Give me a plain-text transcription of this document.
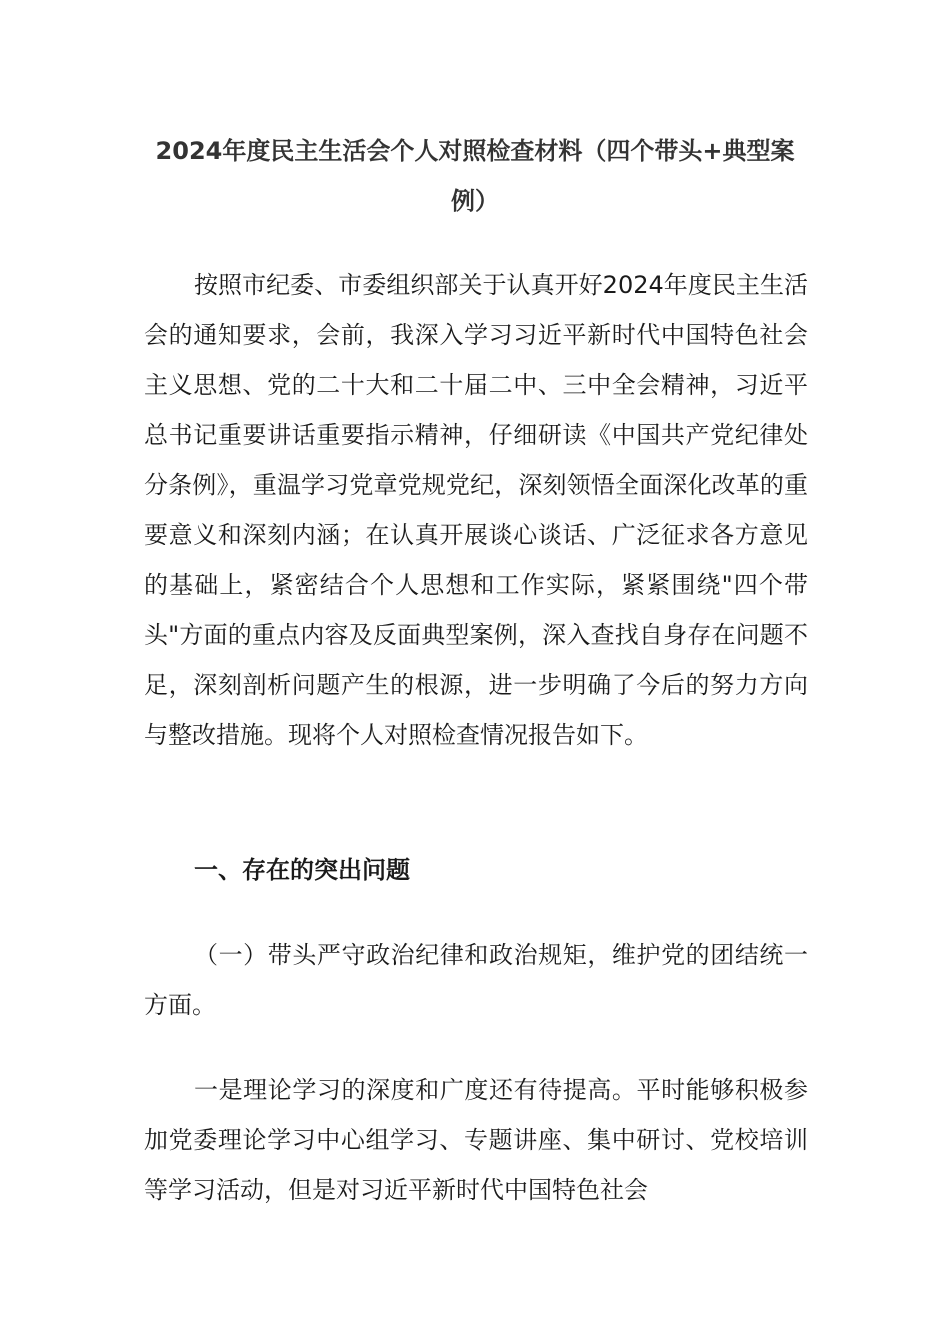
2024年度民主生活会个人对照检查材料（四个带头+典型案例）

按照市纪委、市委组织部关于认真开好2024年度民主生活会的通知要求，会前，我深入学习习近平新时代中国特色社会主义思想、党的二十大和二十届二中、三中全会精神，习近平总书记重要讲话重要指示精神，仔细研读《中国共产党纪律处分条例》，重温学习党章党规党纪，深刻领悟全面深化改革的重要意义和深刻内涵；在认真开展谈心谈话、广泛征求各方意见的基础上，紧密结合个人思想和工作实际，紧紧围绕"四个带头"方面的重点内容及反面典型案例，深入查找自身存在问题不足，深刻剖析问题产生的根源，进一步明确了今后的努力方向与整改措施。现将个人对照检查情况报告如下。

一、存在的突出问题

（一）带头严守政治纪律和政治规矩，维护党的团结统一方面。

一是理论学习的深度和广度还有待提高。平时能够积极参加党委理论学习中心组学习、专题讲座、集中研讨、党校培训等学习活动，但是对习近平新时代中国特色社会
